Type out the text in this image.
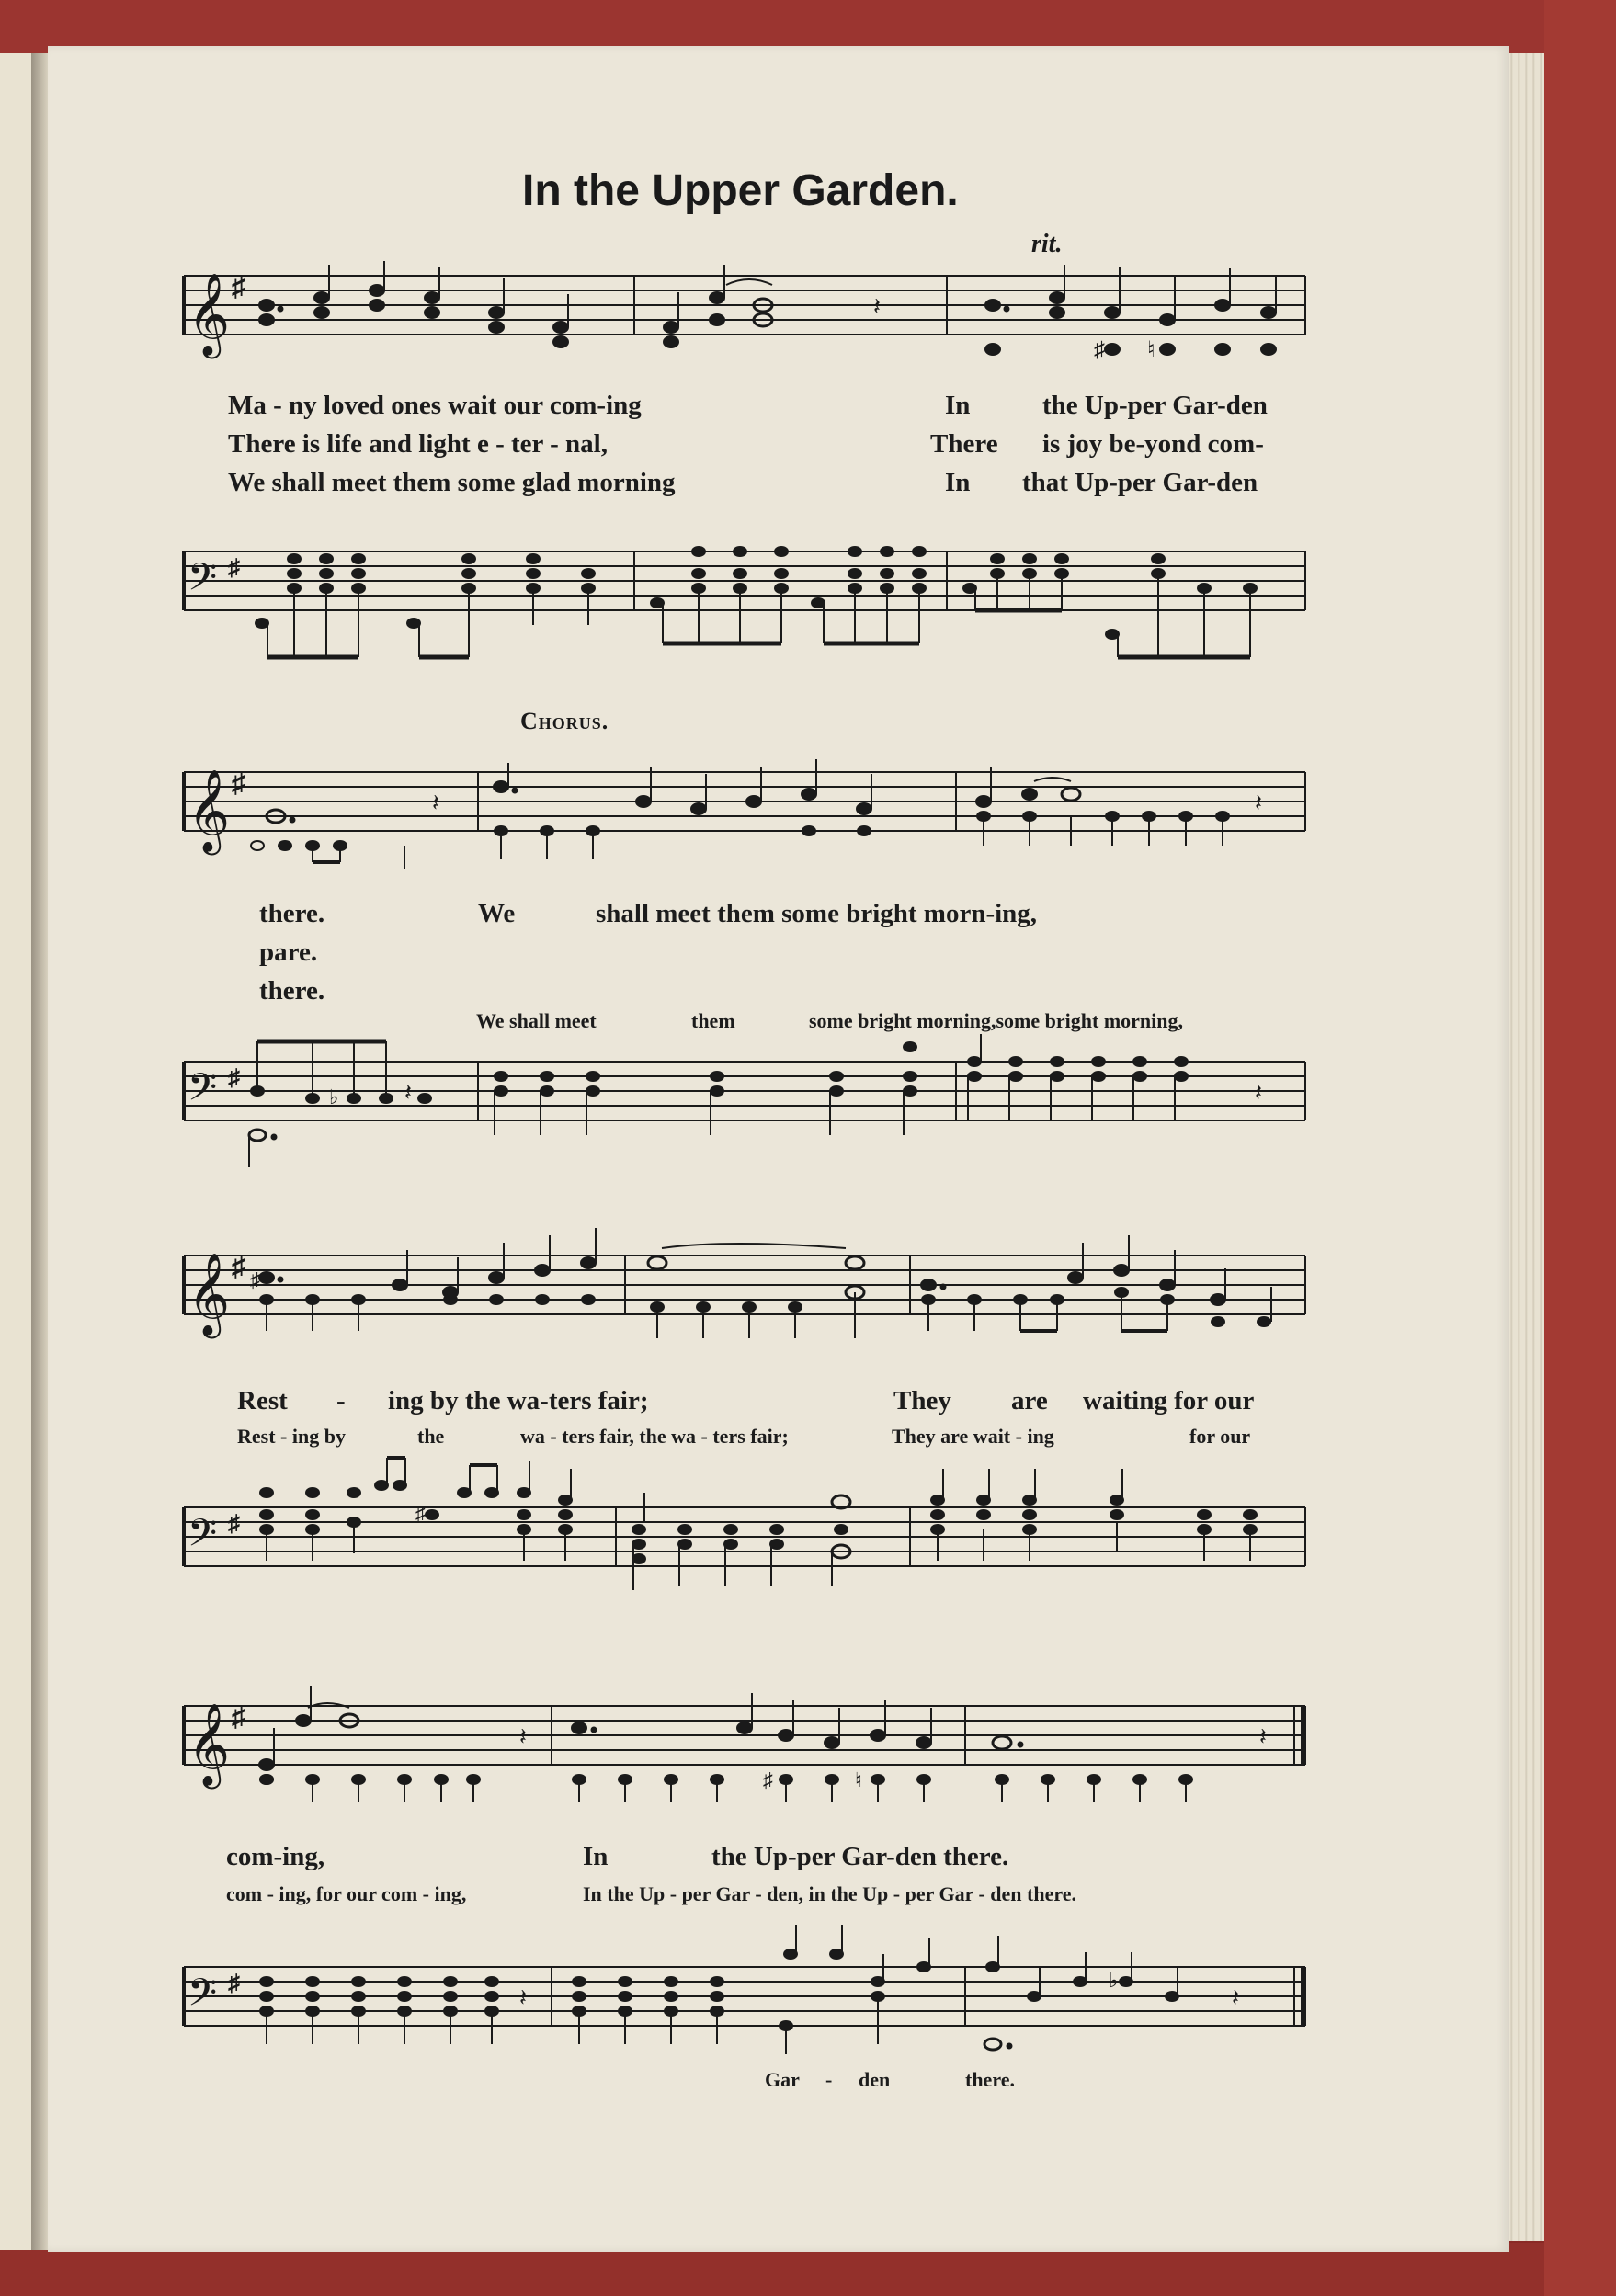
In the Upper Garden.
rit.
Chorus.
𝄞 ♯
♯ ♮
𝄽
Ma - ny loved ones wait our com-ing	In	the Up-per Gar-den
There is life and light e - ter - nal,	There is joy be-yond com-
We shall meet them some glad morning	In that Up-per Gar-den
𝄢 ♯
𝄞 ♯
𝄽	𝄽
there.
pare.
there.
We	shall meet them some bright morn-ing,
We shall meet	them	some bright morning,some bright morning,
𝄢 ♯
♭	𝄽
𝄽
𝄞 ♯ ♯
Rest - ing by the wa-ters fair;	They are waiting for our
Rest - ing by	the	wa - ters fair, the wa - ters fair;	They are wait - ing	for our
𝄢 ♯	♯
𝄞 ♯
♯	♮
𝄽	𝄽
com-ing,	In	the Up-per Gar-den there.
com - ing, for our com - ing,	In the Up - per Gar - den, in the Up - per Gar - den there.
𝄢 ♯	♭
𝄽	𝄽
Gar - den	there.
